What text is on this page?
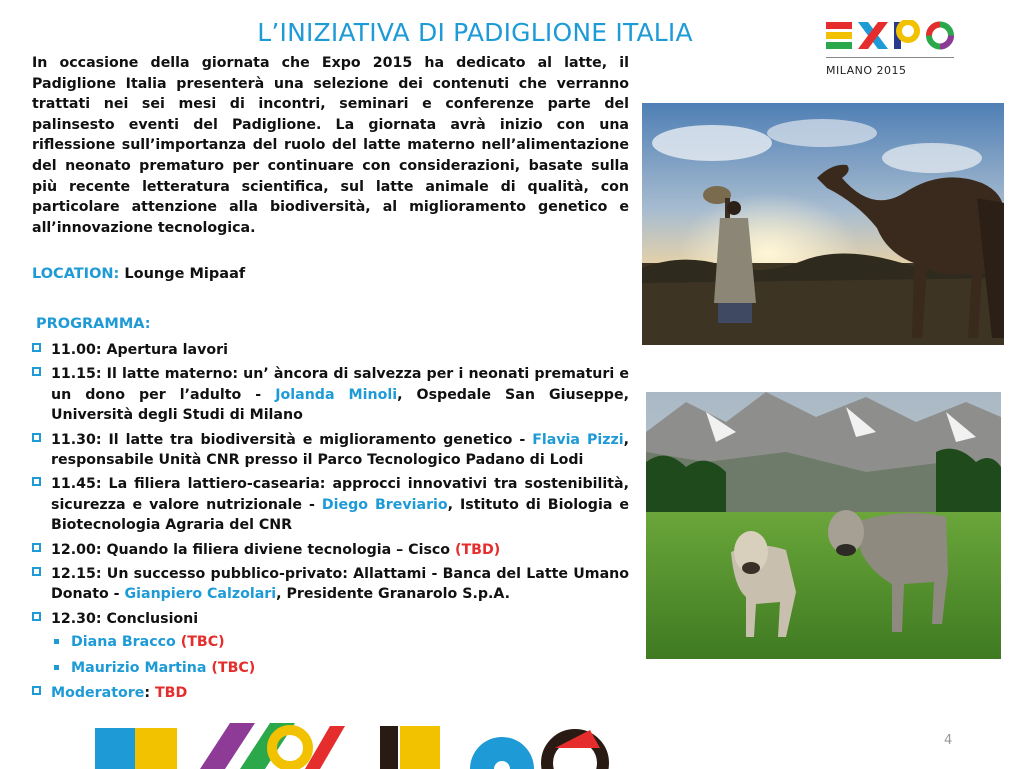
L’INIZIATIVA DI PADIGLIONE ITALIA
MILANO 2015

In occasione della giornata che Expo 2015 ha dedicato al latte, il Padiglione Italia presenterà una selezione dei contenuti che verranno trattati nei sei mesi di incontri, seminari e conferenze parte del palinsesto eventi del Padiglione. La giornata avrà inizio con una riflessione sull’importanza del ruolo del latte materno nell’alimentazione del neonato prematuro per continuare con considerazioni, basate sulla più recente letteratura scientifica, sul latte animale di qualità, con particolare attenzione alla biodiversità, al miglioramento genetico e all’innovazione tecnologica.

LOCATION: Lounge Mipaaf
PROGRAMMA:
11.00: Apertura lavori
11.15: Il latte materno: un’ àncora di salvezza per i neonati prematuri e un dono per l’adulto - Jolanda Minoli, Ospedale San Giuseppe, Università degli Studi di Milano
11.30: Il latte tra biodiversità e miglioramento genetico - Flavia Pizzi, responsabile Unità CNR presso il Parco Tecnologico Padano di Lodi
11.45: La filiera lattiero-casearia: approcci innovativi tra sostenibilità, sicurezza e valore nutrizionale - Diego Breviario, Istituto di Biologia e Biotecnologia Agraria del CNR
12.00: Quando la filiera diviene tecnologia – Cisco (TBD)
12.15: Un successo pubblico-privato: Allattami - Banca del Latte Umano Donato - Gianpiero Calzolari, Presidente Granarolo S.p.A.
12.30: Conclusioni
Diana Bracco (TBC)
Maurizio Martina (TBC)
Moderatore: TBD
4
